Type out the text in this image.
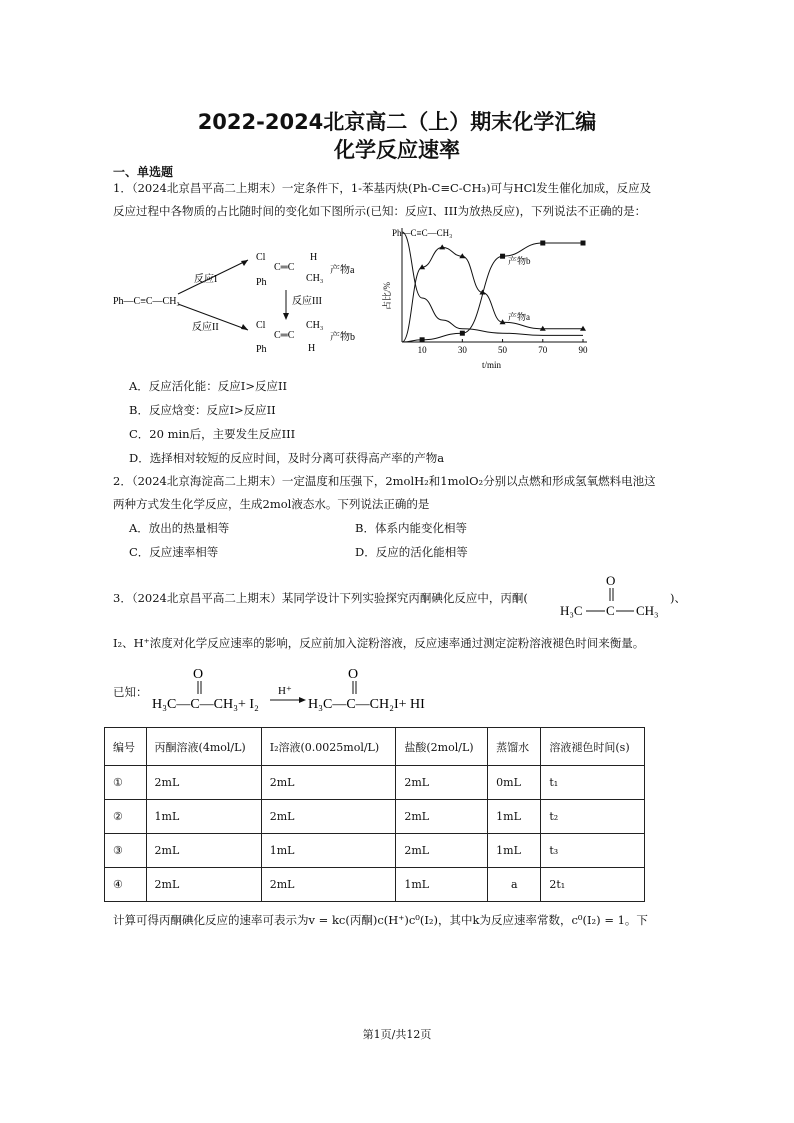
2022-2024北京高二（上）期末化学汇编
化学反应速率
一、单选题
1．（2024北京昌平高二上期末）一定条件下，1-苯基丙炔(Ph-C≡C-CH₃)可与HCl发生催化加成，反应及
反应过程中各物质的占比随时间的变化如下图所示(已知：反应I、III为放热反应)，下列说法不正确的是：
Ph—C≡C—CH₃
反应I
反应II
Cl	H
C═C
Ph	CH₃
产物a
反应III
Cl	CH₃
C═C
Ph	H
产物b
10	30	50	70	90
Ph—C≡C—CH₃
产物b
产物a
t/min
占比/%
A．反应活化能：反应I>反应II
B．反应焓变：反应I>反应II
C．20 min后，主要发生反应III
D．选择相对较短的反应时间，及时分离可获得高产率的产物a
2．（2024北京海淀高二上期末）一定温度和压强下，2molH₂和1molO₂分别以点燃和形成氢氧燃料电池这
两种方式发生化学反应，生成2mol液态水。下列说法正确的是
A．放出的热量相等	B．体系内能变化相等
C．反应速率相等	D．反应的活化能相等
3．（2024北京昌平高二上期末）某同学设计下列实验探究丙酮碘化反应中，丙酮(
O
H₃C C CH₃
)、
I₂、H⁺浓度对化学反应速率的影响，反应前加入淀粉溶液，反应速率通过测定淀粉溶液褪色时间来衡量。
已知：
O
H₃C—C—CH₃+ I₂
H⁺
O
H₃C—C—CH₂I+ HI
编号	丙酮溶液(4mol/L)	I₂溶液(0.0025mol/L)	盐酸(2mol/L)	蒸馏水	溶液褪色时间(s)
①	2mL	2mL	2mL	0mL	t₁
②	1mL	2mL	2mL	1mL	t₂
③	2mL	1mL	2mL	1mL	t₃
④	2mL	2mL	1mL	a	2t₁
计算可得丙酮碘化反应的速率可表示为v = kc(丙酮)c(H⁺)c⁰(I₂)，其中k为反应速率常数，c⁰(I₂) = 1。下
第1页/共12页
